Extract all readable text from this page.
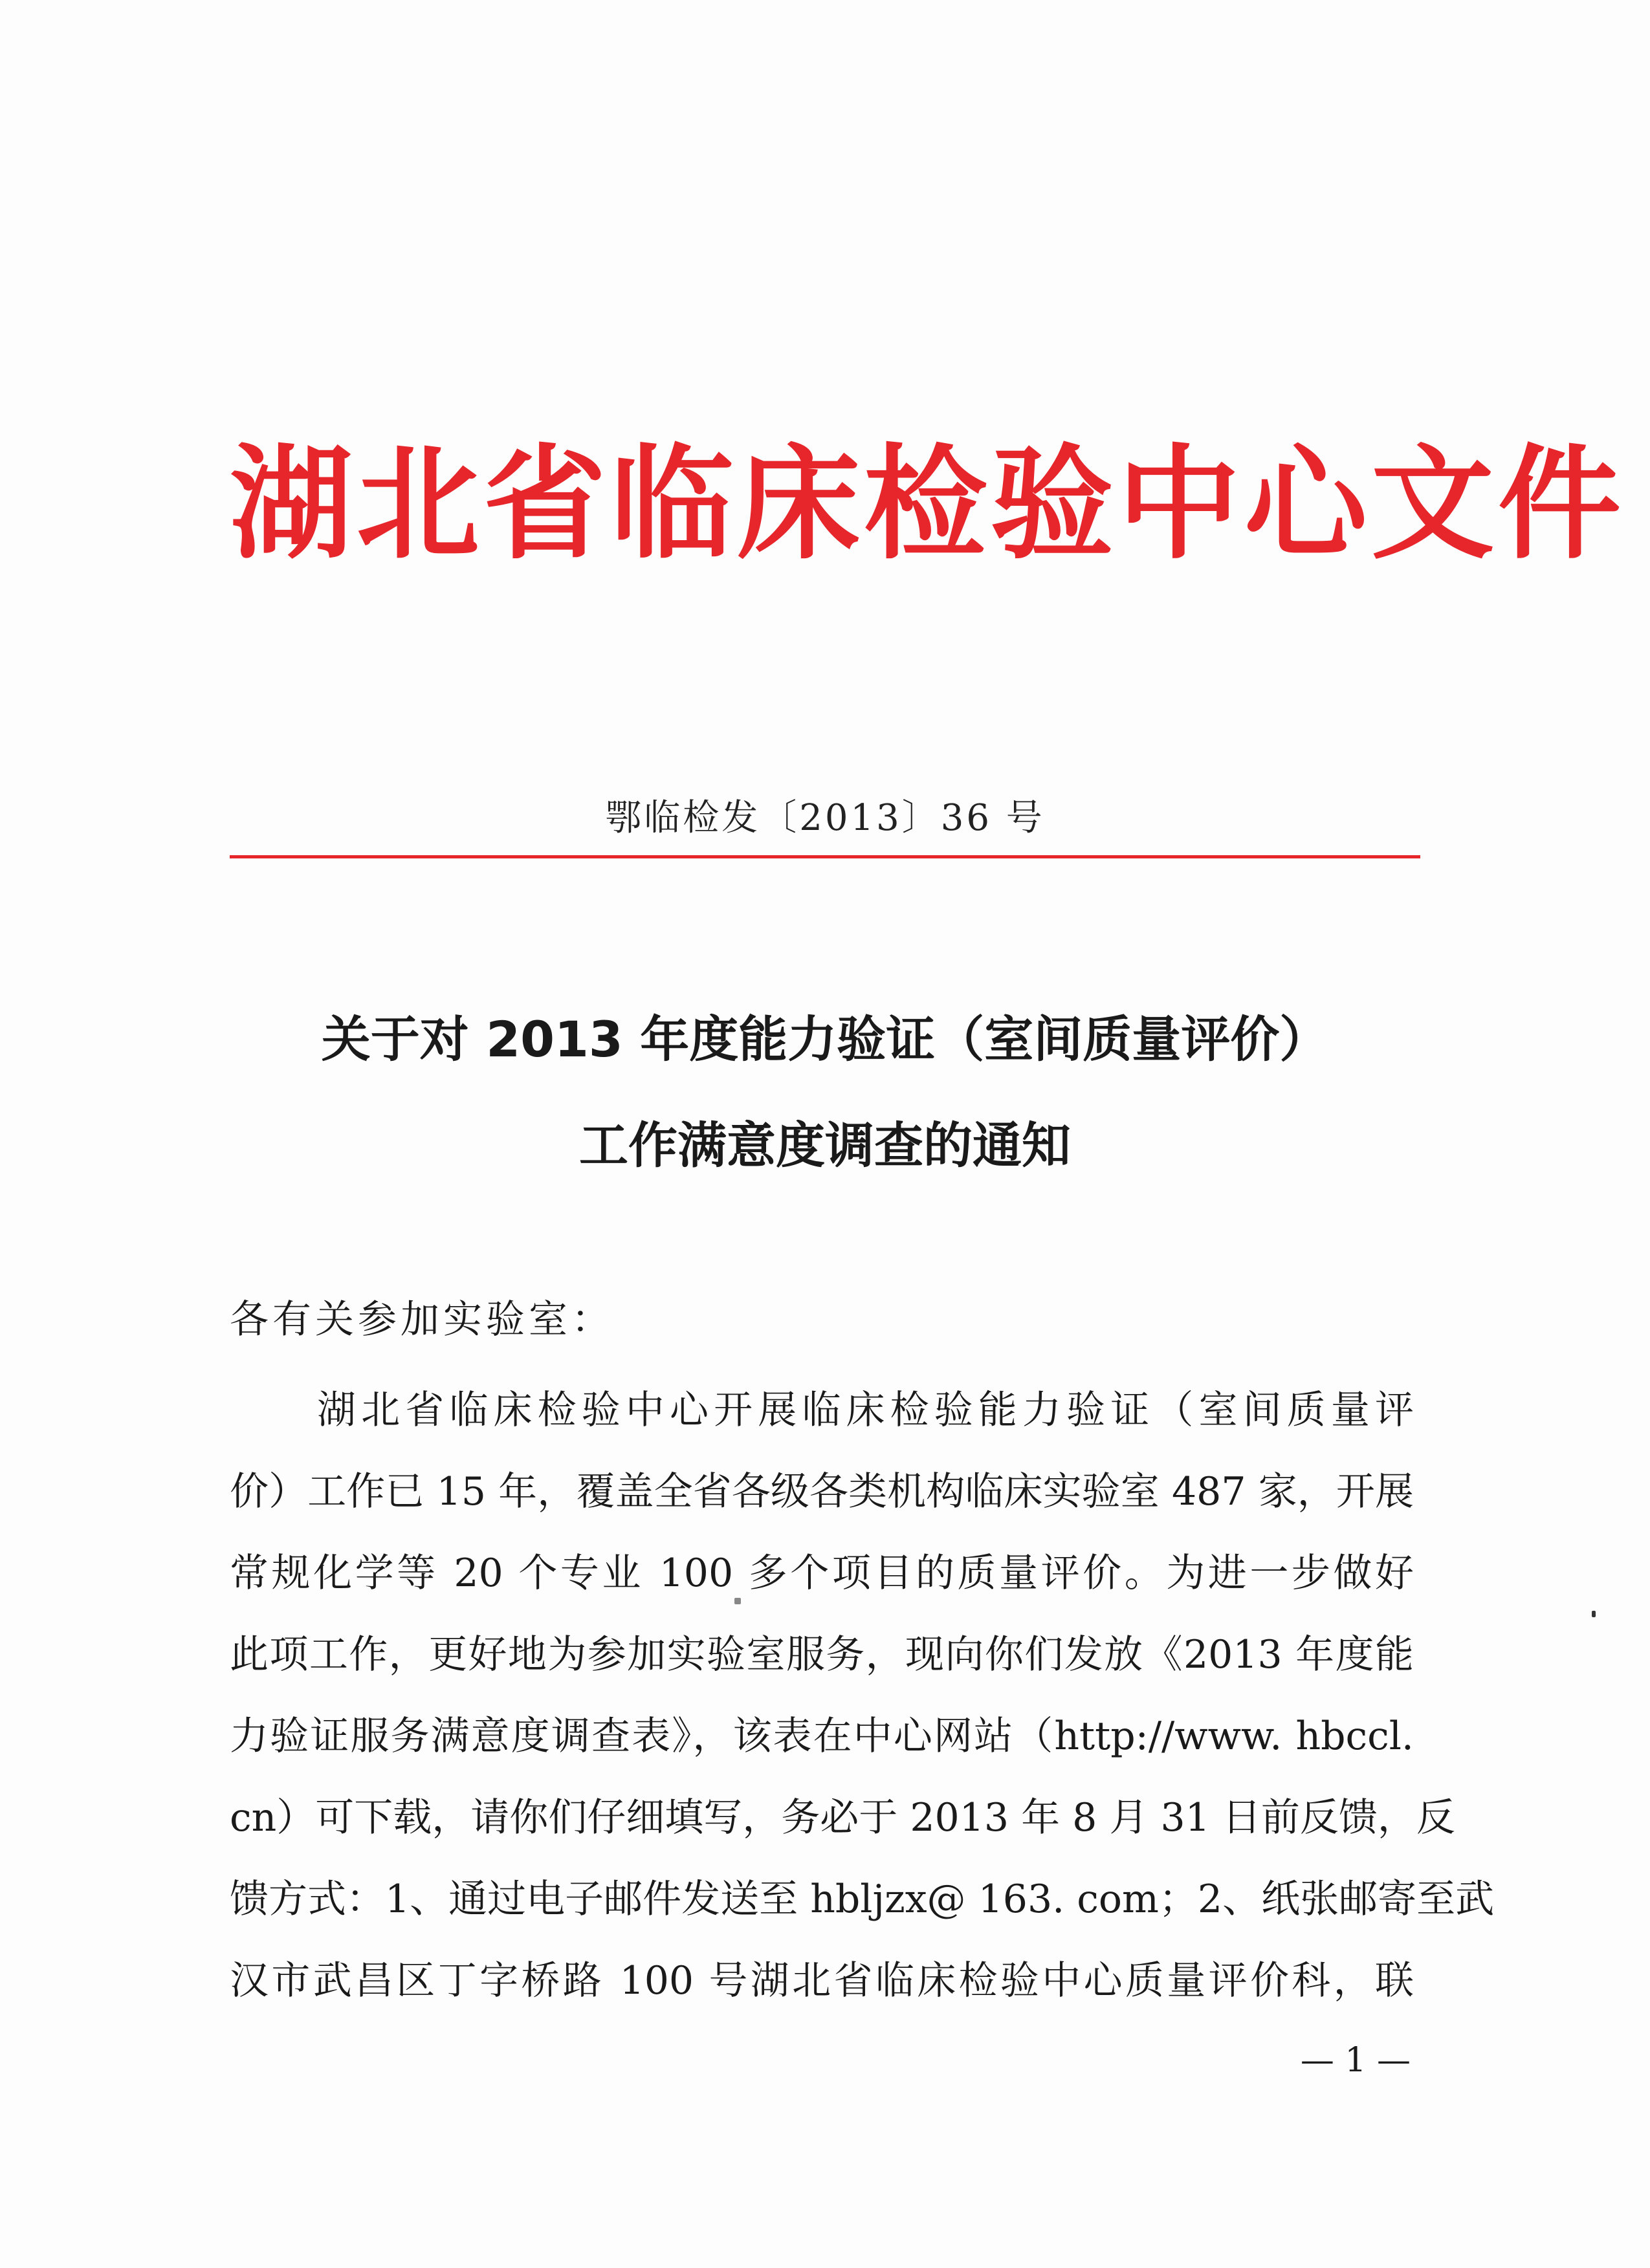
湖北省临床检验中心文件
鄂临检发〔2013〕36 号
关于对 2013 年度能力验证（室间质量评价）
工作满意度调查的通知
各有关参加实验室：
湖北省临床检验中心开展临床检验能力验证（室间质量评
价）工作已 15 年，覆盖全省各级各类机构临床实验室 487 家，开展
常规化学等 20 个专业 100 多个项目的质量评价。为进一步做好
此项工作，更好地为参加实验室服务，现向你们发放《2013 年度能
力验证服务满意度调查表》，该表在中心网站（http://www. hbccl.
cn）可下载，请你们仔细填写，务必于 2013 年 8 月 31 日前反馈，反
馈方式：1、通过电子邮件发送至 hbljzx@ 163. com；2、纸张邮寄至武
汉市武昌区丁字桥路 100 号湖北省临床检验中心质量评价科，联
— 1 —
